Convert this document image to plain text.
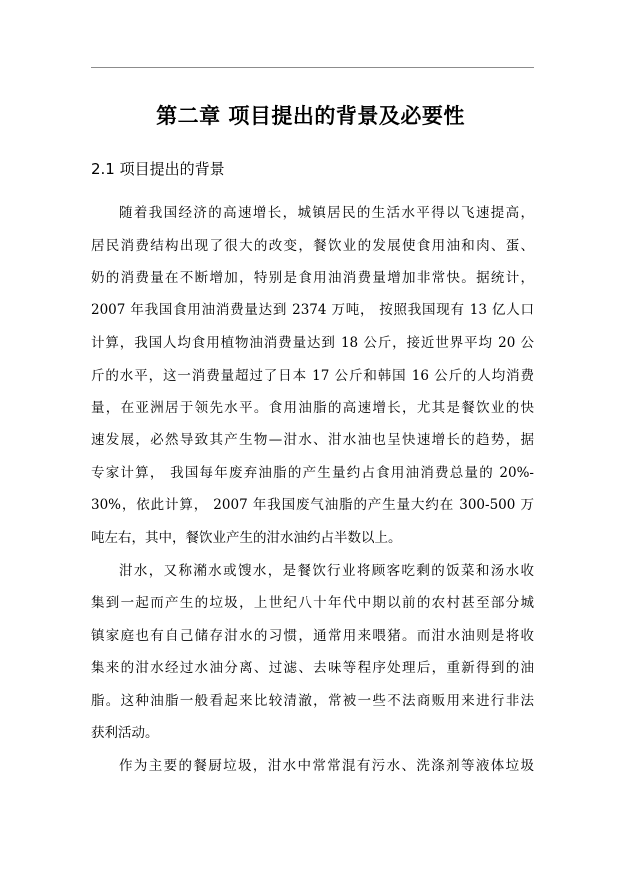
第二章 项目提出的背景及必要性
2.1 项目提出的背景
随着我国经济的高速增长，城镇居民的生活水平得以飞速提高，
居民消费结构出现了很大的改变，餐饮业的发展使食用油和肉、蛋、
奶的消费量在不断增加，特别是食用油消费量增加非常快。据统计，
2007 年我国食用油消费量达到 2374 万吨， 按照我国现有 13 亿人口
计算，我国人均食用植物油消费量达到 18 公斤，接近世界平均 20 公
斤的水平，这一消费量超过了日本 17 公斤和韩国 16 公斤的人均消费
量，在亚洲居于领先水平。食用油脂的高速增长，尤其是餐饮业的快
速发展，必然导致其产生物—泔水、泔水油也呈快速增长的趋势，据
专家计算， 我国每年废弃油脂的产生量约占食用油消费总量的 20%-
30%，依此计算， 2007 年我国废气油脂的产生量大约在 300-500 万
吨左右，其中，餐饮业产生的泔水油约占半数以上。
泔水，又称潲水或馊水，是餐饮行业将顾客吃剩的饭菜和汤水收
集到一起而产生的垃圾，上世纪八十年代中期以前的农村甚至部分城
镇家庭也有自己储存泔水的习惯，通常用来喂猪。而泔水油则是将收
集来的泔水经过水油分离、过滤、去味等程序处理后，重新得到的油
脂。这种油脂一般看起来比较清澈，常被一些不法商贩用来进行非法
获利活动。
作为主要的餐厨垃圾，泔水中常常混有污水、洗涤剂等液体垃圾
